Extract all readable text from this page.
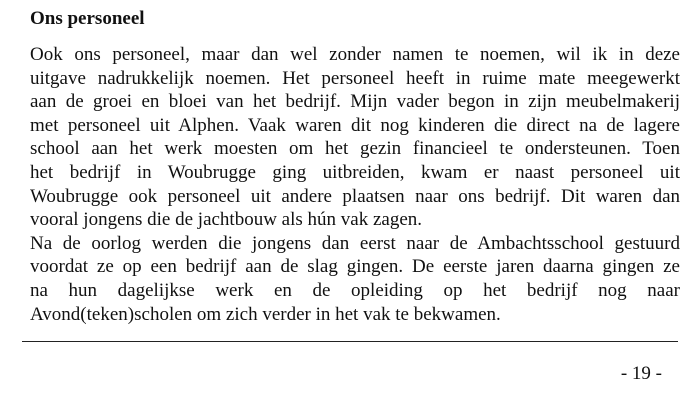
Ons personeel
Ook ons personeel, maar dan wel zonder namen te noemen, wil ik in deze
uitgave nadrukkelijk noemen. Het personeel heeft in ruime mate meegewerkt
aan de groei en bloei van het bedrijf. Mijn vader begon in zijn meubelmakerij
met personeel uit Alphen. Vaak waren dit nog kinderen die direct na de lagere
school aan het werk moesten om het gezin financieel te ondersteunen. Toen
het bedrijf in Woubrugge ging uitbreiden, kwam er naast personeel uit
Woubrugge ook personeel uit andere plaatsen naar ons bedrijf. Dit waren dan
vooral jongens die de jachtbouw als hún vak zagen.
Na de oorlog werden die jongens dan eerst naar de Ambachtsschool gestuurd
voordat ze op een bedrijf aan de slag gingen. De eerste jaren daarna gingen ze
na hun dagelijkse werk en de opleiding op het bedrijf nog naar
Avond(teken)scholen om zich verder in het vak te bekwamen.
- 19 -
